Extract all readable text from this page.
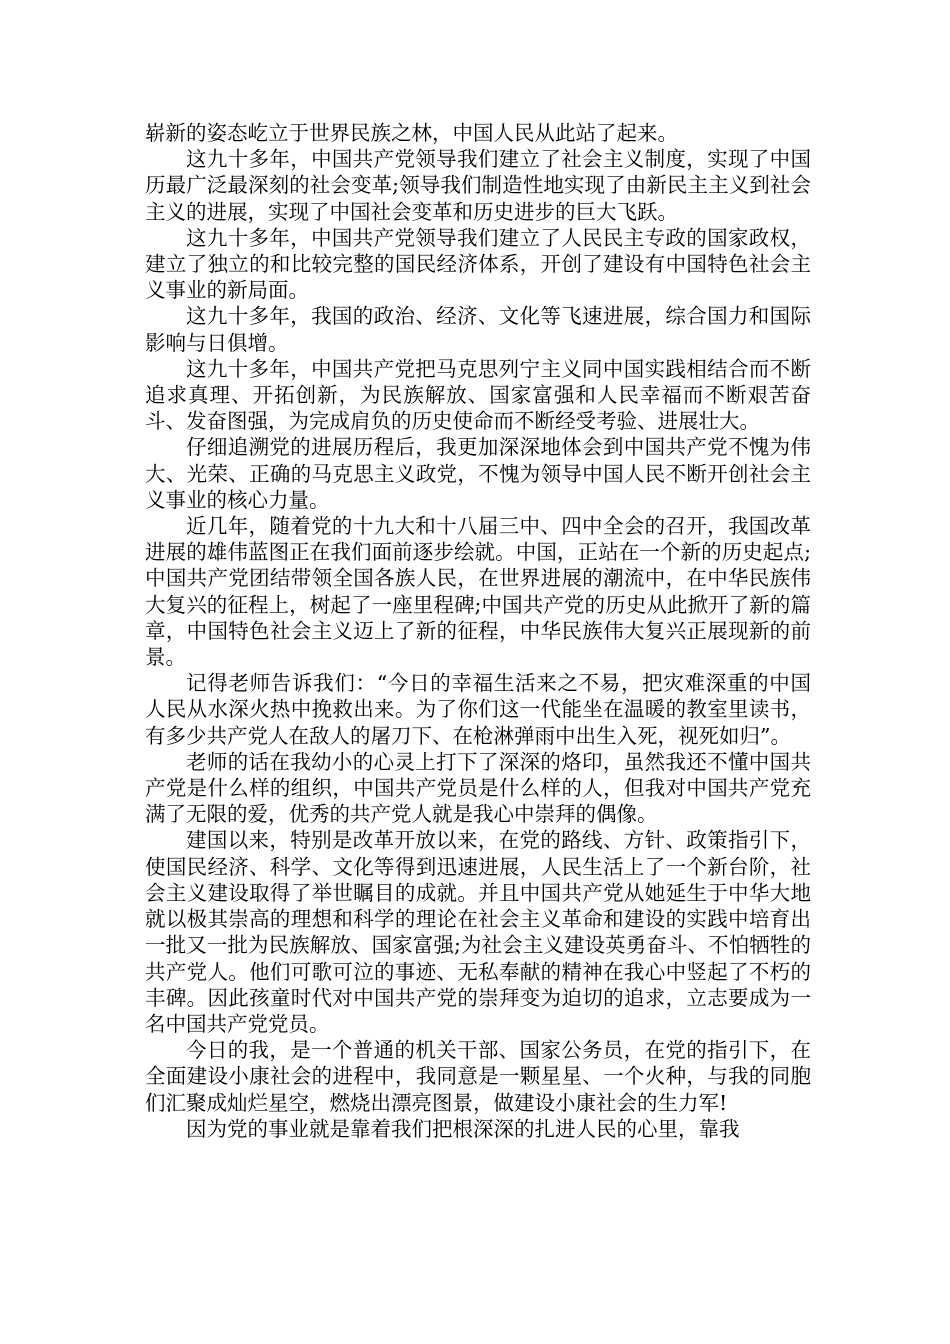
崭新的姿态屹立于世界民族之林，中国人民从此站了起来。

这九十多年，中国共产党领导我们建立了社会主义制度，实现了中国历最广泛最深刻的社会变革;领导我们制造性地实现了由新民主主义到社会主义的进展，实现了中国社会变革和历史进步的巨大飞跃。

这九十多年，中国共产党领导我们建立了人民民主专政的国家政权，建立了独立的和比较完整的国民经济体系，开创了建设有中国特色社会主义事业的新局面。

这九十多年，我国的政治、经济、文化等飞速进展，综合国力和国际影响与日俱增。

这九十多年，中国共产党把马克思列宁主义同中国实践相结合而不断追求真理、开拓创新，为民族解放、国家富强和人民幸福而不断艰苦奋斗、发奋图强，为完成肩负的历史使命而不断经受考验、进展壮大。

仔细追溯党的进展历程后，我更加深深地体会到中国共产党不愧为伟大、光荣、正确的马克思主义政党，不愧为领导中国人民不断开创社会主义事业的核心力量。

近几年，随着党的十九大和十八届三中、四中全会的召开，我国改革进展的雄伟蓝图正在我们面前逐步绘就。中国，正站在一个新的历史起点;中国共产党团结带领全国各族人民，在世界进展的潮流中，在中华民族伟大复兴的征程上，树起了一座里程碑;中国共产党的历史从此掀开了新的篇章，中国特色社会主义迈上了新的征程，中华民族伟大复兴正展现新的前景。

记得老师告诉我们：“今日的幸福生活来之不易，把灾难深重的中国人民从水深火热中挽救出来。为了你们这一代能坐在温暖的教室里读书，有多少共产党人在敌人的屠刀下、在枪淋弹雨中出生入死，视死如归”。

老师的话在我幼小的心灵上打下了深深的烙印，虽然我还不懂中国共产党是什么样的组织，中国共产党员是什么样的人，但我对中国共产党充满了无限的爱，优秀的共产党人就是我心中崇拜的偶像。

建国以来，特别是改革开放以来，在党的路线、方针、政策指引下，使国民经济、科学、文化等得到迅速进展，人民生活上了一个新台阶，社会主义建设取得了举世瞩目的成就。并且中国共产党从她延生于中华大地就以极其崇高的理想和科学的理论在社会主义革命和建设的实践中培育出一批又一批为民族解放、国家富强;为社会主义建设英勇奋斗、不怕牺牲的共产党人。他们可歌可泣的事迹、无私奉献的精神在我心中竖起了不朽的丰碑。因此孩童时代对中国共产党的崇拜变为迫切的追求，立志要成为一名中国共产党党员。

今日的我，是一个普通的机关干部、国家公务员，在党的指引下，在全面建设小康社会的进程中，我同意是一颗星星、一个火种，与我的同胞们汇聚成灿烂星空，燃烧出漂亮图景，做建设小康社会的生力军!

因为党的事业就是靠着我们把根深深的扎进人民的心里，靠我
